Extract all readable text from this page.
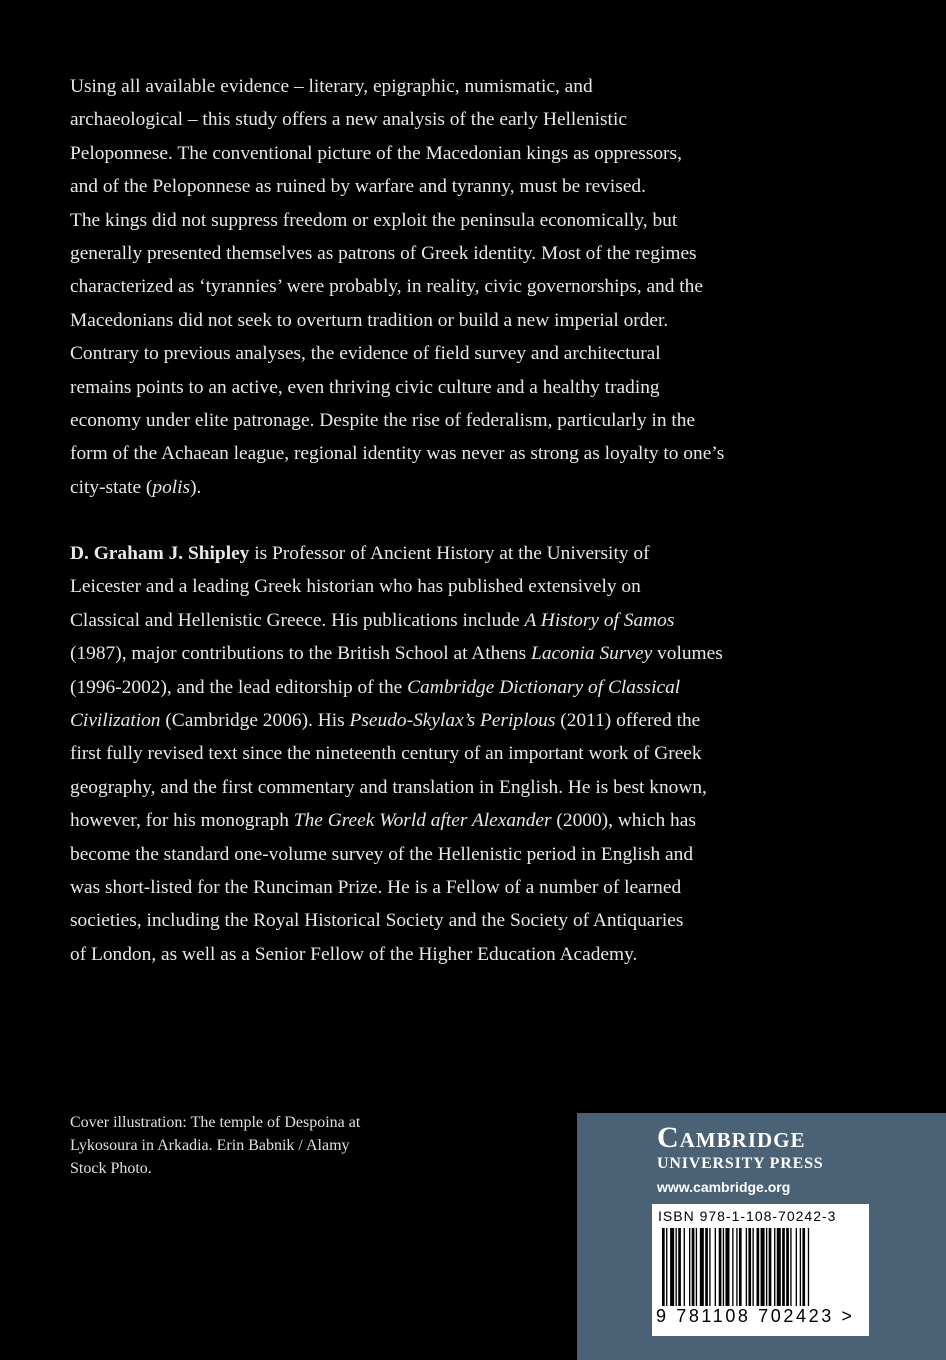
Using all available evidence – literary, epigraphic, numismatic, and
archaeological – this study offers a new analysis of the early Hellenistic
Peloponnese. The conventional picture of the Macedonian kings as oppressors,
and of the Peloponnese as ruined by warfare and tyranny, must be revised.
The kings did not suppress freedom or exploit the peninsula economically, but
generally presented themselves as patrons of Greek identity. Most of the regimes
characterized as ‘tyrannies’ were probably, in reality, civic governorships, and the
Macedonians did not seek to overturn tradition or build a new imperial order.
Contrary to previous analyses, the evidence of field survey and architectural
remains points to an active, even thriving civic culture and a healthy trading
economy under elite patronage. Despite the rise of federalism, particularly in the
form of the Achaean league, regional identity was never as strong as loyalty to one’s
city-state (polis).
D. Graham J. Shipley is Professor of Ancient History at the University of
Leicester and a leading Greek historian who has published extensively on
Classical and Hellenistic Greece. His publications include A History of Samos
(1987), major contributions to the British School at Athens Laconia Survey volumes
(1996-2002), and the lead editorship of the Cambridge Dictionary of Classical
Civilization (Cambridge 2006). His Pseudo-Skylax’s Periplous (2011) offered the
first fully revised text since the nineteenth century of an important work of Greek
geography, and the first commentary and translation in English. He is best known,
however, for his monograph The Greek World after Alexander (2000), which has
become the standard one-volume survey of the Hellenistic period in English and
was short-listed for the Runciman Prize. He is a Fellow of a number of learned
societies, including the Royal Historical Society and the Society of Antiquaries
of London, as well as a Senior Fellow of the Higher Education Academy.
Cover illustration: The temple of Despoina at
Lykosoura in Arkadia. Erin Babnik / Alamy
Stock Photo.
Cambridge
UNIVERSITY PRESS
www.cambridge.org
ISBN 978-1-108-70242-3
9 781108 702423 >
